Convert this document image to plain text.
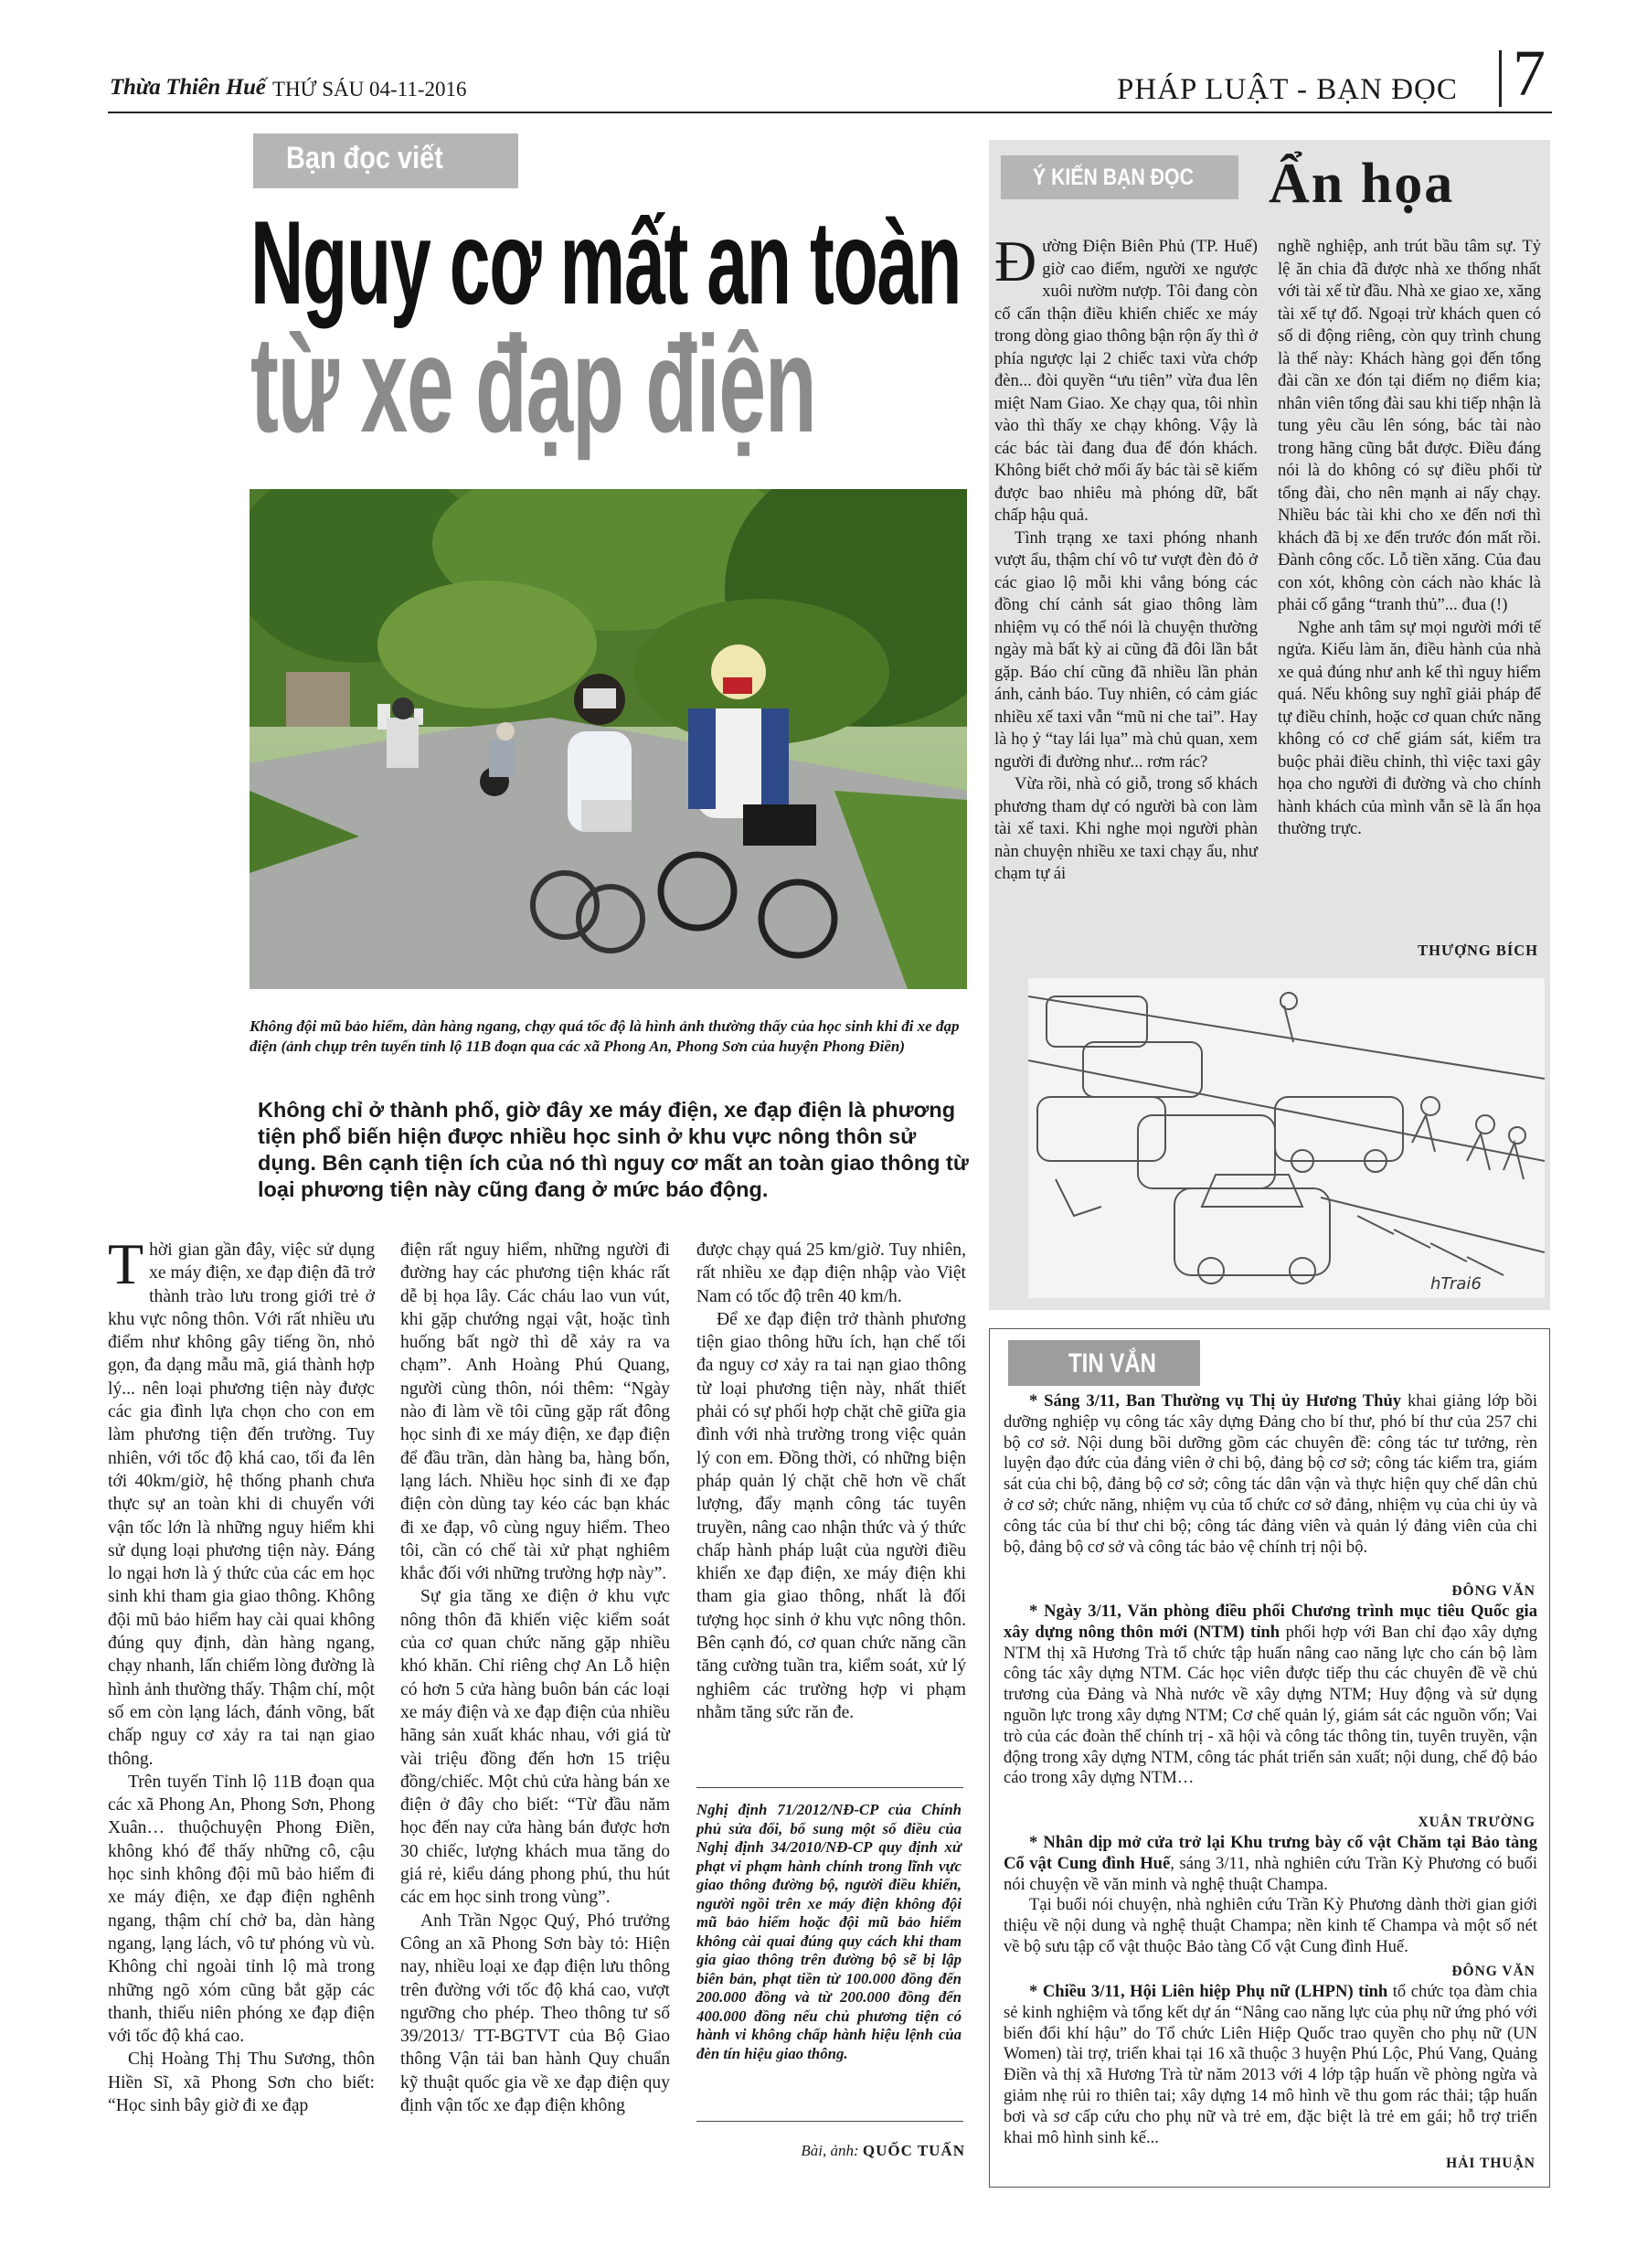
Thừa Thiên Huế THỨ SÁU 04-11-2016	PHÁP LUẬT - BẠN ĐỌC 7
Bạn đọc viết
Nguy cơ mất an toàn
từ xe đạp điện
Không đội mũ bảo hiểm, dàn hàng ngang, chạy quá tốc độ là hình ảnh thường thấy của học sinh khi đi xe đạp điện (ảnh chụp trên tuyến tỉnh lộ 11B đoạn qua các xã Phong An, Phong Sơn của huyện Phong Điền)
Không chỉ ở thành phố, giờ đây xe máy điện, xe đạp điện là phương tiện phổ biến hiện được nhiều học sinh ở khu vực nông thôn sử dụng. Bên cạnh tiện ích của nó thì nguy cơ mất an toàn giao thông từ loại phương tiện này cũng đang ở mức báo động.

Thời gian gần đây, việc sử dụng xe máy điện, xe đạp điện đã trở thành trào lưu trong giới trẻ ở khu vực nông thôn. Với rất nhiều ưu điểm như không gây tiếng ồn, nhỏ gọn, đa dạng mẫu mã, giá thành hợp lý... nên loại phương tiện này được các gia đình lựa chọn cho con em làm phương tiện đến trường. Tuy nhiên, với tốc độ khá cao, tối đa lên tới 40km/giờ, hệ thống phanh chưa thực sự an toàn khi di chuyển với vận tốc lớn là những nguy hiểm khi sử dụng loại phương tiện này. Đáng lo ngại hơn là ý thức của các em học sinh khi tham gia giao thông. Không đội mũ bảo hiểm hay cài quai không đúng quy định, dàn hàng ngang, chạy nhanh, lấn chiếm lòng đường là hình ảnh thường thấy. Thậm chí, một số em còn lạng lách, đánh võng, bất chấp nguy cơ xảy ra tai nạn giao thông.

Trên tuyến Tỉnh lộ 11B đoạn qua các xã Phong An, Phong Sơn, Phong Xuân… thuộchuyện Phong Điền, không khó để thấy những cô, cậu học sinh không đội mũ bảo hiểm đi xe máy điện, xe đạp điện nghênh ngang, thậm chí chở ba, dàn hàng ngang, lạng lách, vô tư phóng vù vù. Không chỉ ngoài tỉnh lộ mà trong những ngõ xóm cũng bắt gặp các thanh, thiếu niên phóng xe đạp điện với tốc độ khá cao.

Chị Hoàng Thị Thu Sương, thôn Hiền Sĩ, xã Phong Sơn cho biết: “Học sinh bây giờ đi xe đạp

điện rất nguy hiểm, những người đi đường hay các phương tiện khác rất dễ bị họa lây. Các cháu lao vun vút, khi gặp chướng ngại vật, hoặc tình huống bất ngờ thì dễ xảy ra va chạm”. Anh Hoàng Phú Quang, người cùng thôn, nói thêm: “Ngày nào đi làm về tôi cũng gặp rất đông học sinh đi xe máy điện, xe đạp điện để đầu trần, dàn hàng ba, hàng bốn, lạng lách. Nhiều học sinh đi xe đạp điện còn dùng tay kéo các bạn khác đi xe đạp, vô cùng nguy hiểm. Theo tôi, cần có chế tài xử phạt nghiêm khắc đối với những trường hợp này”.

Sự gia tăng xe điện ở khu vực nông thôn đã khiến việc kiểm soát của cơ quan chức năng gặp nhiều khó khăn. Chỉ riêng chợ An Lỗ hiện có hơn 5 cửa hàng buôn bán các loại xe máy điện và xe đạp điện của nhiều hãng sản xuất khác nhau, với giá từ vài triệu đồng đến hơn 15 triệu đồng/chiếc. Một chủ cửa hàng bán xe điện ở đây cho biết: “Từ đầu năm học đến nay cửa hàng bán được hơn 30 chiếc, lượng khách mua tăng do giá rẻ, kiểu dáng phong phú, thu hút các em học sinh trong vùng”.

Anh Trần Ngọc Quý, Phó trưởng Công an xã Phong Sơn bày tỏ: Hiện nay, nhiều loại xe đạp điện lưu thông trên đường với tốc độ khá cao, vượt ngưỡng cho phép. Theo thông tư số 39/2013/ TT-BGTVT của Bộ Giao thông Vận tải ban hành Quy chuẩn kỹ thuật quốc gia về xe đạp điện quy định vận tốc xe đạp điện không

được chạy quá 25 km/giờ. Tuy nhiên, rất nhiều xe đạp điện nhập vào Việt Nam có tốc độ trên 40 km/h.

Để xe đạp điện trở thành phương tiện giao thông hữu ích, hạn chế tối đa nguy cơ xảy ra tai nạn giao thông từ loại phương tiện này, nhất thiết phải có sự phối hợp chặt chẽ giữa gia đình với nhà trường trong việc quản lý con em. Đồng thời, có những biện pháp quản lý chặt chẽ hơn về chất lượng, đẩy mạnh công tác tuyên truyền, nâng cao nhận thức và ý thức chấp hành pháp luật của người điều khiển xe đạp điện, xe máy điện khi tham gia giao thông, nhất là đối tượng học sinh ở khu vực nông thôn. Bên cạnh đó, cơ quan chức năng cần tăng cường tuần tra, kiểm soát, xử lý nghiêm các trường hợp vi phạm nhằm tăng sức răn đe.

Nghị định 71/2012/NĐ-CP của Chính phủ sửa đổi, bổ sung một số điều của Nghị định 34/2010/NĐ-CP quy định xử phạt vi phạm hành chính trong lĩnh vực giao thông đường bộ, người điều khiển, người ngồi trên xe máy điện không đội mũ bảo hiểm hoặc đội mũ bảo hiểm không cài quai đúng quy cách khi tham gia giao thông trên đường bộ sẽ bị lập biên bản, phạt tiền từ 100.000 đồng đến 200.000 đồng và từ 200.000 đồng đến 400.000 đồng nếu chủ phương tiện có hành vi không chấp hành hiệu lệnh của đèn tín hiệu giao thông.
Bài, ảnh: QUỐC TUẤN
Ý KIẾN BẠN ĐỌC Ẩn họa

Đường Điện Biên Phủ (TP. Huế) giờ cao điểm, người xe ngược xuôi nườm nượp. Tôi đang còn cố cẩn thận điều khiển chiếc xe máy trong dòng giao thông bận rộn ấy thì ở phía ngược lại 2 chiếc taxi vừa chớp đèn... đòi quyền “ưu tiên” vừa đua lên miệt Nam Giao. Xe chạy qua, tôi nhìn vào thì thấy xe chạy không. Vậy là các bác tài đang đua để đón khách. Không biết chở mối ấy bác tài sẽ kiếm được bao nhiêu mà phóng dữ, bất chấp hậu quả.

Tình trạng xe taxi phóng nhanh vượt ẩu, thậm chí vô tư vượt đèn đỏ ở các giao lộ mỗi khi vắng bóng các đồng chí cảnh sát giao thông làm nhiệm vụ có thể nói là chuyện thường ngày mà bất kỳ ai cũng đã đôi lần bắt gặp. Báo chí cũng đã nhiều lần phản ánh, cảnh báo. Tuy nhiên, có cảm giác nhiều xế taxi vẫn “mũ ni che tai”. Hay là họ ỷ “tay lái lụa” mà chủ quan, xem người đi đường như... rơm rác?

Vừa rồi, nhà có giỗ, trong số khách phương tham dự có người bà con làm tài xế taxi. Khi nghe mọi người phàn nàn chuyện nhiều xe taxi chạy ẩu, như chạm tự ái

nghề nghiệp, anh trút bầu tâm sự. Tỷ lệ ăn chia đã được nhà xe thống nhất với tài xế từ đầu. Nhà xe giao xe, xăng tài xế tự đổ. Ngoại trừ khách quen có số di động riêng, còn quy trình chung là thế này: Khách hàng gọi đến tổng đài cần xe đón tại điểm nọ điểm kia; nhân viên tổng đài sau khi tiếp nhận là tung yêu cầu lên sóng, bác tài nào trong hãng cũng bắt được. Điều đáng nói là do không có sự điều phối từ tổng đài, cho nên mạnh ai nấy chạy. Nhiều bác tài khi cho xe đến nơi thì khách đã bị xe đến trước đón mất rồi. Đành công cốc. Lỗ tiền xăng. Của đau con xót, không còn cách nào khác là phải cố gắng “tranh thủ”... đua (!)

Nghe anh tâm sự mọi người mới tế ngửa. Kiếu làm ăn, điều hành của nhà xe quả đúng như anh kể thì nguy hiểm quá. Nếu không suy nghĩ giải pháp để tự điều chỉnh, hoặc cơ quan chức năng không có cơ chế giám sát, kiểm tra buộc phải điều chỉnh, thì việc taxi gây họa cho người đi đường và cho chính hành khách của mình vẫn sẽ là ẩn họa thường trực.

THƯỢNG BÍCH
hTrai6
TIN VẮN

* Sáng 3/11, Ban Thường vụ Thị ủy Hương Thủy khai giảng lớp bồi dưỡng nghiệp vụ công tác xây dựng Đảng cho bí thư, phó bí thư của 257 chi bộ cơ sở. Nội dung bồi dưỡng gồm các chuyên đề: công tác tư tưởng, rèn luyện đạo đức của đảng viên ở chi bộ, đảng bộ cơ sở; công tác kiểm tra, giám sát của chi bộ, đảng bộ cơ sở; công tác dân vận và thực hiện quy chế dân chủ ở cơ sở; chức năng, nhiệm vụ của tổ chức cơ sở đảng, nhiệm vụ của chi ủy và công tác của bí thư chi bộ; công tác đảng viên và quản lý đảng viên của chi bộ, đảng bộ cơ sở và công tác bảo vệ chính trị nội bộ.

ĐÔNG VĂN

* Ngày 3/11, Văn phòng điều phối Chương trình mục tiêu Quốc gia xây dựng nông thôn mới (NTM) tỉnh phối hợp với Ban chỉ đạo xây dựng NTM thị xã Hương Trà tổ chức tập huấn nâng cao năng lực cho cán bộ làm công tác xây dựng NTM. Các học viên được tiếp thu các chuyên đề về chủ trương của Đảng và Nhà nước về xây dựng NTM; Huy động và sử dụng nguồn lực trong xây dựng NTM; Cơ chế quản lý, giám sát các nguồn vốn; Vai trò của các đoàn thể chính trị - xã hội và công tác thông tin, tuyên truyền, vận động trong xây dựng NTM, công tác phát triển sản xuất; nội dung, chế độ báo cáo trong xây dựng NTM…

XUÂN TRƯỜNG

* Nhân dịp mở cửa trở lại Khu trưng bày cổ vật Chăm tại Bảo tàng Cổ vật Cung đình Huế, sáng 3/11, nhà nghiên cứu Trần Kỳ Phương có buổi nói chuyện về văn minh và nghệ thuật Champa.

Tại buổi nói chuyện, nhà nghiên cứu Trần Kỳ Phương dành thời gian giới thiệu về nội dung và nghệ thuật Champa; nền kinh tế Champa và một số nét về bộ sưu tập cổ vật thuộc Bảo tàng Cổ vật Cung đình Huế.

ĐÔNG VĂN

* Chiều 3/11, Hội Liên hiệp Phụ nữ (LHPN) tỉnh tổ chức tọa đàm chia sẻ kinh nghiệm và tổng kết dự án “Nâng cao năng lực của phụ nữ ứng phó với biến đổi khí hậu” do Tổ chức Liên Hiệp Quốc trao quyền cho phụ nữ (UN Women) tài trợ, triển khai tại 16 xã thuộc 3 huyện Phú Lộc, Phú Vang, Quảng Điền và thị xã Hương Trà từ năm 2013 với 4 lớp tập huấn về phòng ngừa và giảm nhẹ rủi ro thiên tai; xây dựng 14 mô hình về thu gom rác thải; tập huấn bơi và sơ cấp cứu cho phụ nữ và trẻ em, đặc biệt là trẻ em gái; hỗ trợ triển khai mô hình sinh kế...

HẢI THUẬN
